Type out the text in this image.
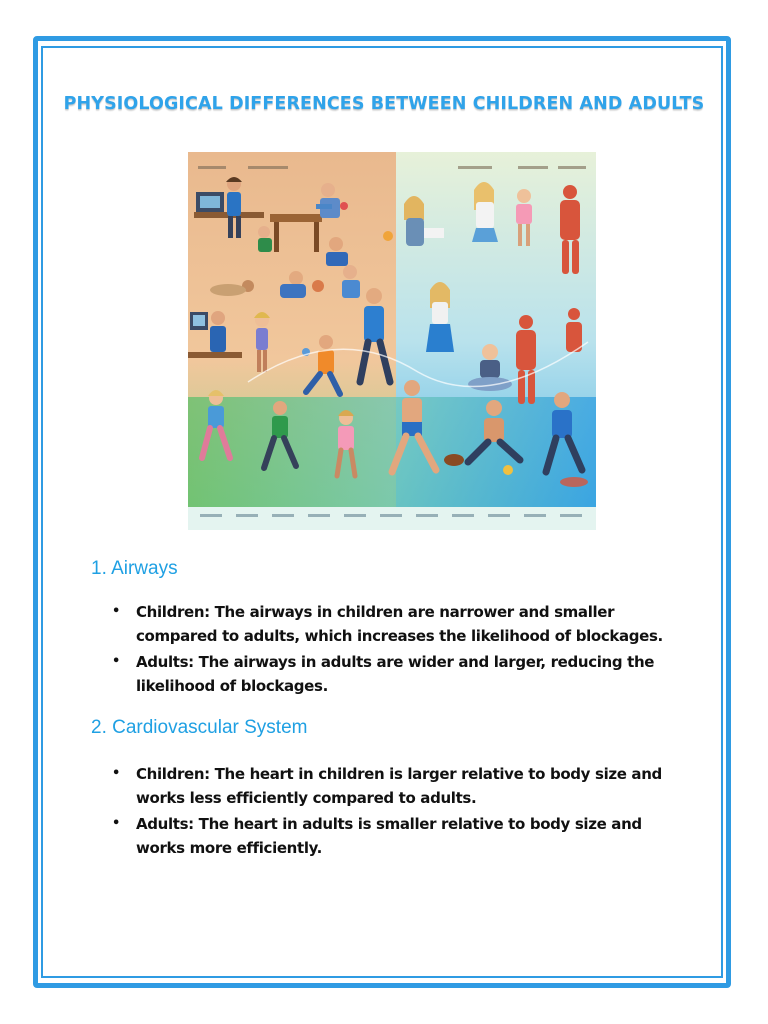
PHYSIOLOGICAL DIFFERENCES BETWEEN CHILDREN AND ADULTS
1. Airways
• Children: The airways in children are narrower and smaller compared to adults, which increases the likelihood of blockages.
• Adults: The airways in adults are wider and larger, reducing the likelihood of blockages.
2. Cardiovascular System
• Children: The heart in children is larger relative to body size and works less efficiently compared to adults.
• Adults: The heart in adults is smaller relative to body size and works more efficiently.
